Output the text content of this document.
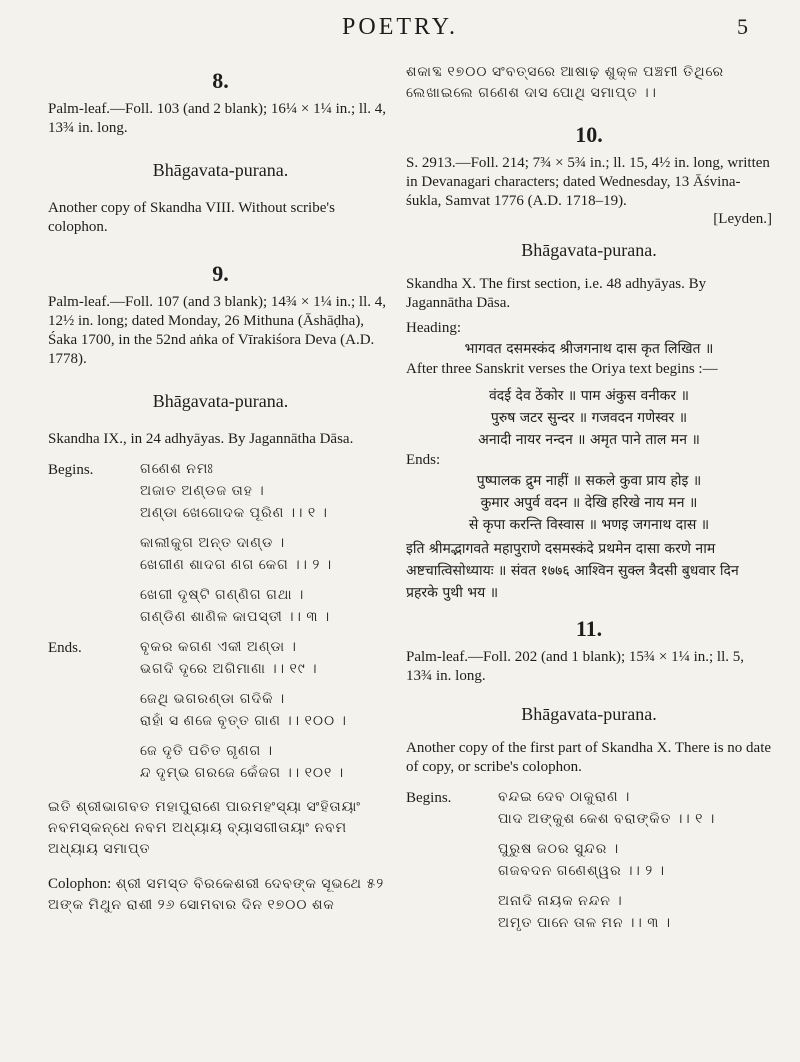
POETRY.	5
8.

Palm-leaf.—Foll. 103 (and 2 blank); 16¼ × 1¼ in.; ll. 4, 13¾ in. long.

Bhāgavata-purana.

Another copy of Skandha VIII. Without scribe's colophon.

9.

Palm-leaf.—Foll. 107 (and 3 blank); 14¾ × 1¼ in.; ll. 4, 12½ in. long; dated Monday, 26 Mithuna (Āshāḍha), Śaka 1700, in the 52nd aṅka of Vīrakiśora Deva (A.D. 1778).

Bhāgavata-purana.

Skandha IX., in 24 adhyāyas. By Jagannātha Dāsa.

Begins.	ଗଣେଶ ନମଃ
ଅଜାତ ଅଣ୍ଡଜ ତାହ ।
ଅଣ୍ଡା ଖେଗୋଦକ ପୂରିଣ ।। ୧ ।
କାଲୀକୁଗ ଅନ୍ତ ଦାଣ୍ଡ ।
ଖେଗୀଣ ଶାଦଗ ଣଗ କେଗ ।। ୨ ।
ଖେଗୀ ଦୃଷ୍ଟି ଗଣ୍ଣିଗ ଗଥା ।
ଗଣ୍ଡିଣ ଶାଣିଳ କାପସ୍ତୀ ।। ୩ ।
Ends.	ବୃକର କଗଣ ଏକୀ ଅଣ୍ଡା ।
ଭଗଦି ଦୃରେ ଅଗିମାଣା ।। ୧୯ ।
ଜେଥି ଭଗରଣ୍ଡା ଗଦିକି ।
ରାହାଁ ସ ଣଜେ ବୃତ୍ତ ଗାଣ ।। ୧୦୦ ।
ଜେ ଦୃତି ପଚିତ ଗୃଣଗ ।
ନ୍ଦ ଦୃମ୍ଭ ଗରଜେ କେଁଜଗ ।। ୧୦୧ ।

ଇତି ଶ୍ରୀଭାଗବତ ମହାପୁରାଣେ ପାରମହଂସ୍ୟା ସଂହିତାୟାଂ ନବମସ୍କନ୍ଧେ ନବମ ଅଧ୍ୟାୟ ବ୍ୟାସଗୀତାୟାଂ ନବମ ଅଧ୍ୟାୟ ସମାପ୍ତ

Colophon: ଶ୍ରୀ ସମସ୍ତ ବିରକେଶରୀ ଦେବଙ୍କ ସୂଭଥେ ୫୨ ଅଙ୍କ ମିଥୁନ ରାଶୀ ୨୬ ସୋମବାର ଦିନ ୧୭୦୦ ଶକ

ଶକାବ୍ଦ ୧୭୦୦ ସଂବତ୍ସରେ ଆଷାଢ଼ ଶୁକ୍ଳ ପଞ୍ଚମୀ ତିଥିରେ
ଲେଖାଇଲେ ଗଣେଶ ଦାସ ପୋଥି ସମାପ୍ତ ।।
10.

S. 2913.—Foll. 214; 7¾ × 5¾ in.; ll. 15, 4½ in. long, written in Devanagari characters; dated Wednesday, 13 Āśvina-śukla, Samvat 1776 (A.D. 1718–19).

[Leyden.]
Bhāgavata-purana.

Skandha X. The first section, i.e. 48 adhyāyas. By Jagannātha Dāsa.

Heading:

भागवत दसमस्कंद श्रीजगनाथ दास कृत लिखित ॥

After three Sanskrit verses the Oriya text begins :—

वंदई देव ठेंकोर ॥ पाम अंकुस वनीकर ॥
पुरुष जटर सुन्दर ॥ गजवदन गणेस्वर ॥
अनादी नायर नन्दन ॥ अमृत पाने ताल मन ॥

Ends:

पुष्पालक द्रुम नाहीं ॥ सकले कुवा प्राय होइ ॥
कुमार अपुर्व वदन ॥ देखि हरिखे नाय मन ॥
से कृपा करन्ति विस्वास ॥ भणइ जगनाथ दास ॥
इति श्रीमद्भागवते महापुराणे दसमस्कंदे प्रथमेन दासा करणे नाम अष्टचात्विसोध्यायः ॥ संवत १७७६ आश्विन सुक्ल त्रैदसी बुधवार दिन प्रहरके पुथी भय ॥
11.

Palm-leaf.—Foll. 202 (and 1 blank); 15¾ × 1¼ in.; ll. 5, 13¾ in. long.

Bhāgavata-purana.

Another copy of the first part of Skandha X. There is no date of copy, or scribe's colophon.

Begins.	ବନ୍ଦଇ ଦେବ ଠାକୁରାଣ ।
ପାଦ ଅଙ୍କୁଶ କେଶ ବରାଙ୍କିତ ।। ୧ ।
ପୁରୁଷ ଜଠର ସୁନ୍ଦର ।
ଗଜବଦନ ଗଣେଶ୍ୱର ।। ୨ ।
ଅନାଦି ନାୟକ ନନ୍ଦନ ।
ଅମୃତ ପାନେ ତାଳ ମନ ।। ୩ ।
